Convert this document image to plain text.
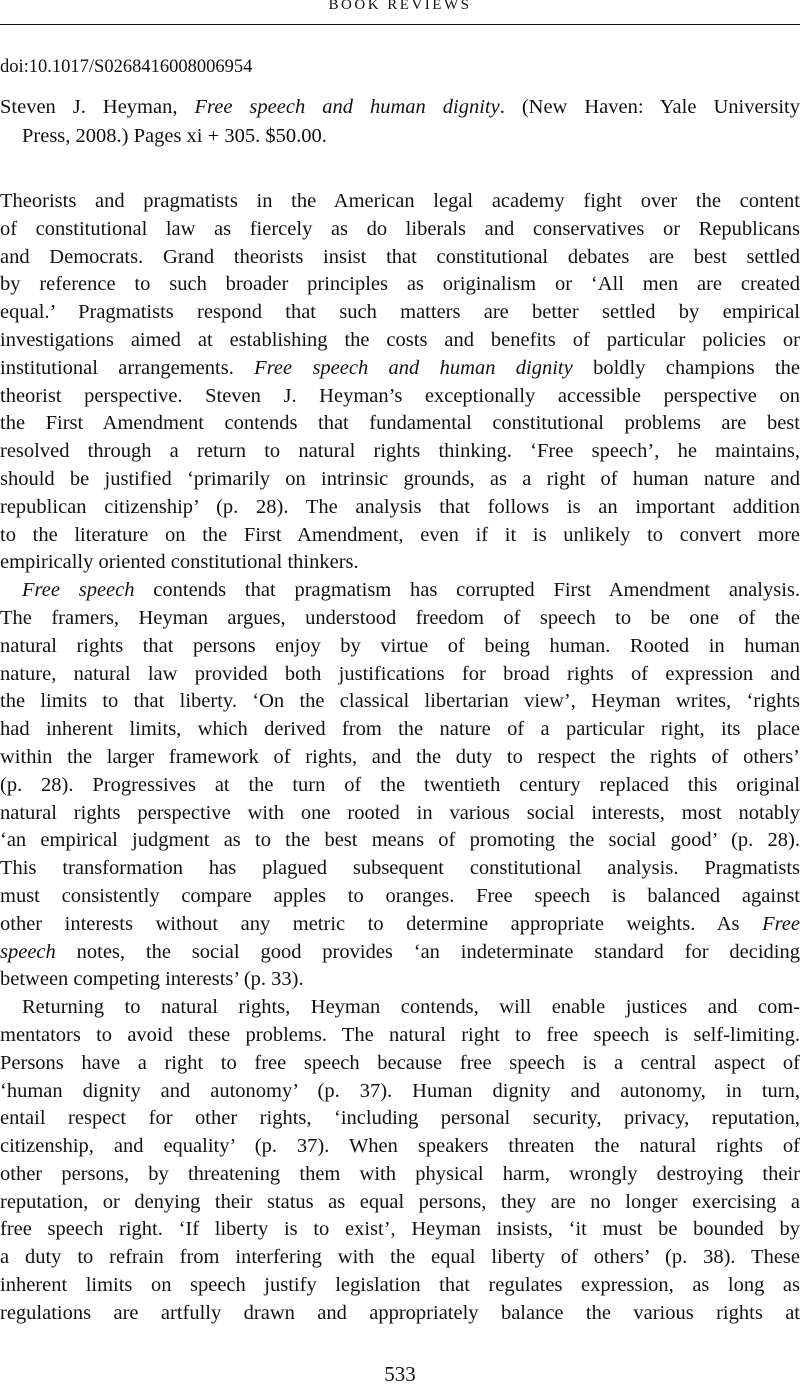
BOOK REVIEWS
doi:10.1017/S0268416008006954
Steven J. Heyman, Free speech and human dignity. (New Haven: Yale University
Press, 2008.) Pages xi + 305. $50.00.
Theorists and pragmatists in the American legal academy fight over the content
of constitutional law as fiercely as do liberals and conservatives or Republicans
and Democrats. Grand theorists insist that constitutional debates are best settled
by reference to such broader principles as originalism or ‘All men are created
equal.’ Pragmatists respond that such matters are better settled by empirical
investigations aimed at establishing the costs and benefits of particular policies or
institutional arrangements. Free speech and human dignity boldly champions the
theorist perspective. Steven J. Heyman’s exceptionally accessible perspective on
the First Amendment contends that fundamental constitutional problems are best
resolved through a return to natural rights thinking. ‘Free speech’, he maintains,
should be justified ‘primarily on intrinsic grounds, as a right of human nature and
republican citizenship’ (p. 28). The analysis that follows is an important addition
to the literature on the First Amendment, even if it is unlikely to convert more
empirically oriented constitutional thinkers.
Free speech contends that pragmatism has corrupted First Amendment analysis.
The framers, Heyman argues, understood freedom of speech to be one of the
natural rights that persons enjoy by virtue of being human. Rooted in human
nature, natural law provided both justifications for broad rights of expression and
the limits to that liberty. ‘On the classical libertarian view’, Heyman writes, ‘rights
had inherent limits, which derived from the nature of a particular right, its place
within the larger framework of rights, and the duty to respect the rights of others’
(p. 28). Progressives at the turn of the twentieth century replaced this original
natural rights perspective with one rooted in various social interests, most notably
‘an empirical judgment as to the best means of promoting the social good’ (p. 28).
This transformation has plagued subsequent constitutional analysis. Pragmatists
must consistently compare apples to oranges. Free speech is balanced against
other interests without any metric to determine appropriate weights. As Free
speech notes, the social good provides ‘an indeterminate standard for deciding
between competing interests’ (p. 33).
Returning to natural rights, Heyman contends, will enable justices and com-
mentators to avoid these problems. The natural right to free speech is self-limiting.
Persons have a right to free speech because free speech is a central aspect of
‘human dignity and autonomy’ (p. 37). Human dignity and autonomy, in turn,
entail respect for other rights, ‘including personal security, privacy, reputation,
citizenship, and equality’ (p. 37). When speakers threaten the natural rights of
other persons, by threatening them with physical harm, wrongly destroying their
reputation, or denying their status as equal persons, they are no longer exercising a
free speech right. ‘If liberty is to exist’, Heyman insists, ‘it must be bounded by
a duty to refrain from interfering with the equal liberty of others’ (p. 38). These
inherent limits on speech justify legislation that regulates expression, as long as
regulations are artfully drawn and appropriately balance the various rights at
533
